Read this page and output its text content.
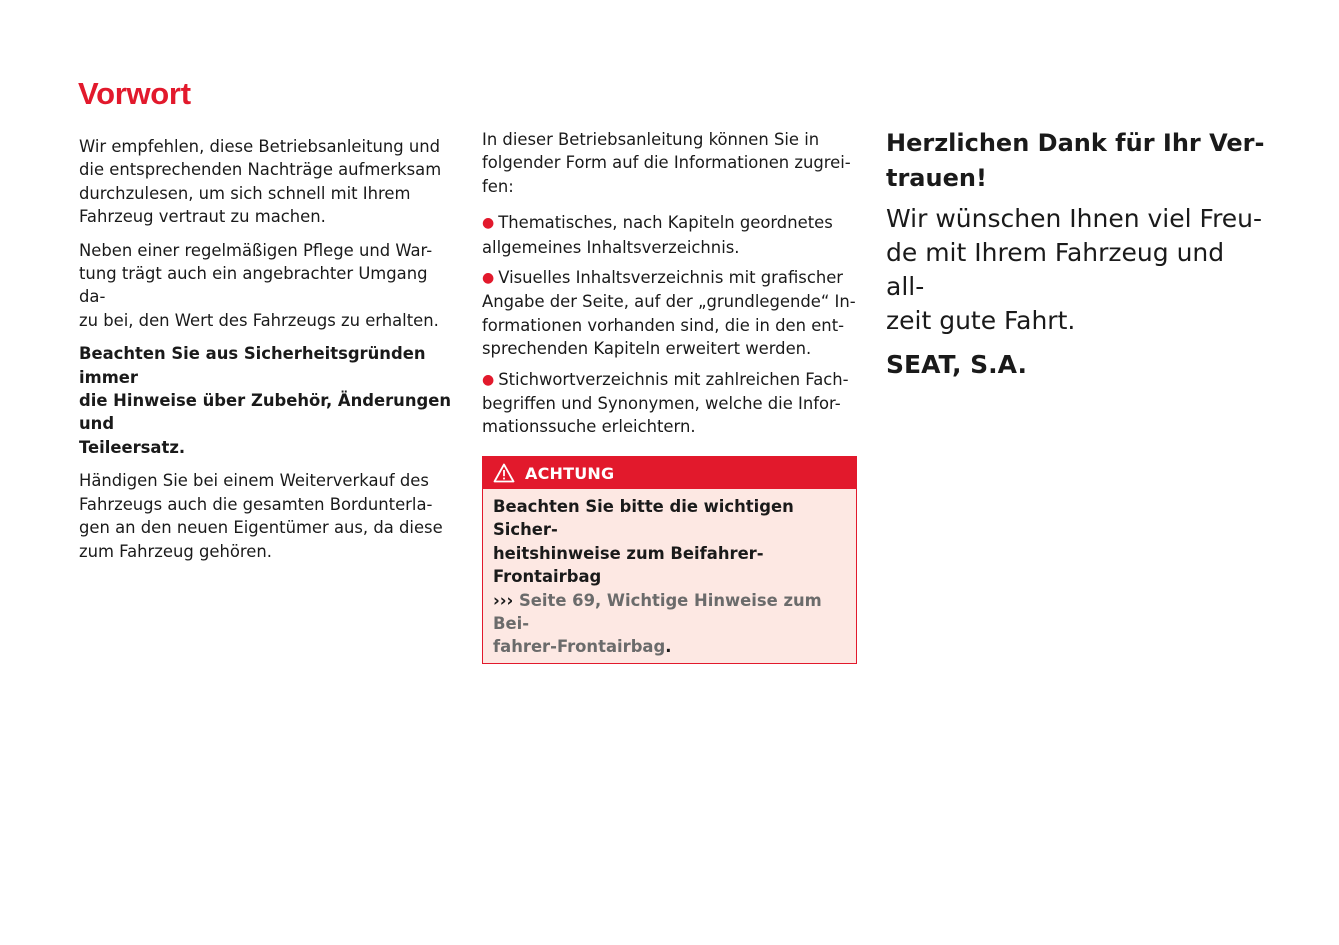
Vorwort

Wir empfehlen, diese Betriebsanleitung und
die entsprechenden Nachträge aufmerksam
durchzulesen, um sich schnell mit Ihrem
Fahrzeug vertraut zu machen.

Neben einer regelmäßigen Pflege und War-
tung trägt auch ein angebrachter Umgang da-
zu bei, den Wert des Fahrzeugs zu erhalten.

Beachten Sie aus Sicherheitsgründen immer
die Hinweise über Zubehör, Änderungen und
Teileersatz.

Händigen Sie bei einem Weiterverkauf des
Fahrzeugs auch die gesamten Bordunterla-
gen an den neuen Eigentümer aus, da diese
zum Fahrzeug gehören.

In dieser Betriebsanleitung können Sie in
folgender Form auf die Informationen zugrei-
fen:

● Thematisches, nach Kapiteln geordnetes
allgemeines Inhaltsverzeichnis.

● Visuelles Inhaltsverzeichnis mit grafischer
Angabe der Seite, auf der „grundlegende“ In-
formationen vorhanden sind, die in den ent-
sprechenden Kapiteln erweitert werden.

● Stichwortverzeichnis mit zahlreichen Fach-
begriffen und Synonymen, welche die Infor-
mationssuche erleichtern.

ACHTUNG
Beachten Sie bitte die wichtigen Sicher-
heitshinweise zum Beifahrer-Frontairbag
››› Seite 69, Wichtige Hinweise zum Bei-
fahrer-Frontairbag.

Herzlichen Dank für Ihr Ver-
trauen!

Wir wünschen Ihnen viel Freu-
de mit Ihrem Fahrzeug und all-
zeit gute Fahrt.

SEAT, S.A.
